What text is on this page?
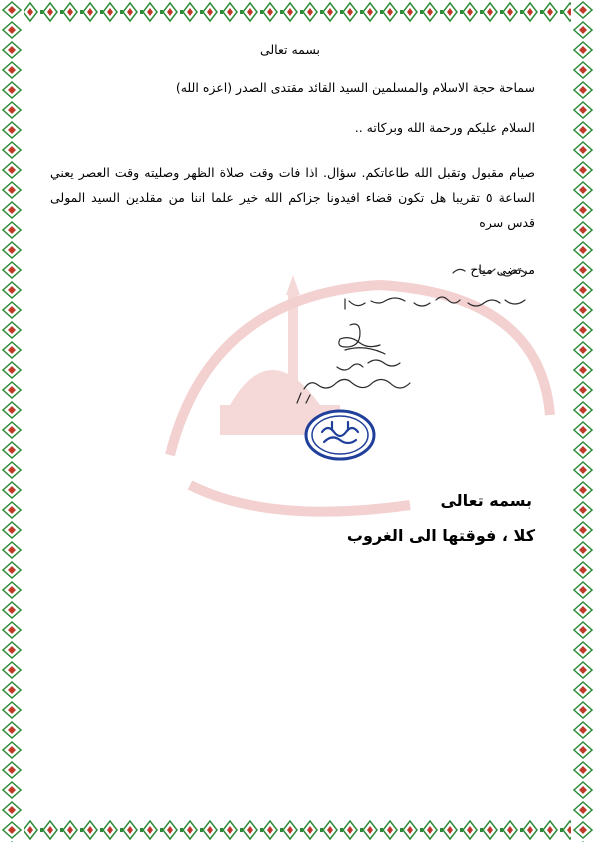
بسمه تعالى
سماحة حجة الاسلام والمسلمين السيد القائد مقتدى الصدر (اعزه الله)
السلام عليكم ورحمة الله وبركاته ..
صيام مقبول وتقبل الله طاعاتكم. سؤال. اذا فات وقت صلاة الظهر وصليته وقت العصر يعني الساعة ٥ تقريبا هل تكون قضاء افيدونا جزاكم الله خير علما اننا من مقلدين السيد المولى قدس سره
مرتضى مياح
بسمه تعالى
كلا ، فوقتها الى الغروب
